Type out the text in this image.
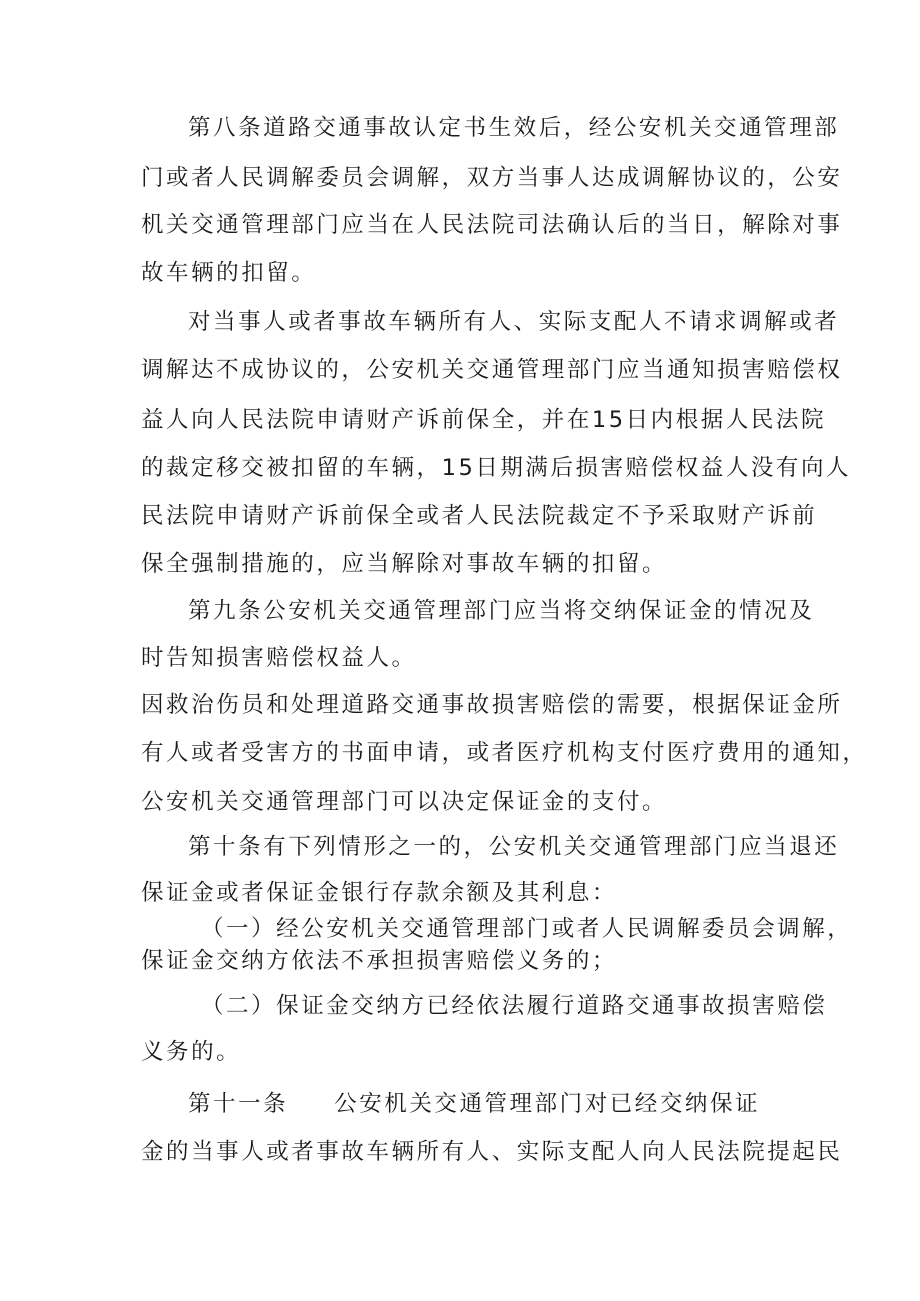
第八条道路交通事故认定书生效后，经公安机关交通管理部
门或者人民调解委员会调解，双方当事人达成调解协议的，公安
机关交通管理部门应当在人民法院司法确认后的当日，解除对事
故车辆的扣留。
对当事人或者事故车辆所有人、实际支配人不请求调解或者
调解达不成协议的，公安机关交通管理部门应当通知损害赔偿权
益人向人民法院申请财产诉前保全，并在15日内根据人民法院
的裁定移交被扣留的车辆，15日期满后损害赔偿权益人没有向人
民法院申请财产诉前保全或者人民法院裁定不予采取财产诉前
保全强制措施的，应当解除对事故车辆的扣留。
第九条公安机关交通管理部门应当将交纳保证金的情况及
时告知损害赔偿权益人。
因救治伤员和处理道路交通事故损害赔偿的需要，根据保证金所
有人或者受害方的书面申请，或者医疗机构支付医疗费用的通知，
公安机关交通管理部门可以决定保证金的支付。
第十条有下列情形之一的，公安机关交通管理部门应当退还
保证金或者保证金银行存款余额及其利息：
（一）经公安机关交通管理部门或者人民调解委员会调解，
保证金交纳方依法不承担损害赔偿义务的；
（二）保证金交纳方已经依法履行道路交通事故损害赔偿
义务的。
第十一条 公安机关交通管理部门对已经交纳保证
金的当事人或者事故车辆所有人、实际支配人向人民法院提起民
